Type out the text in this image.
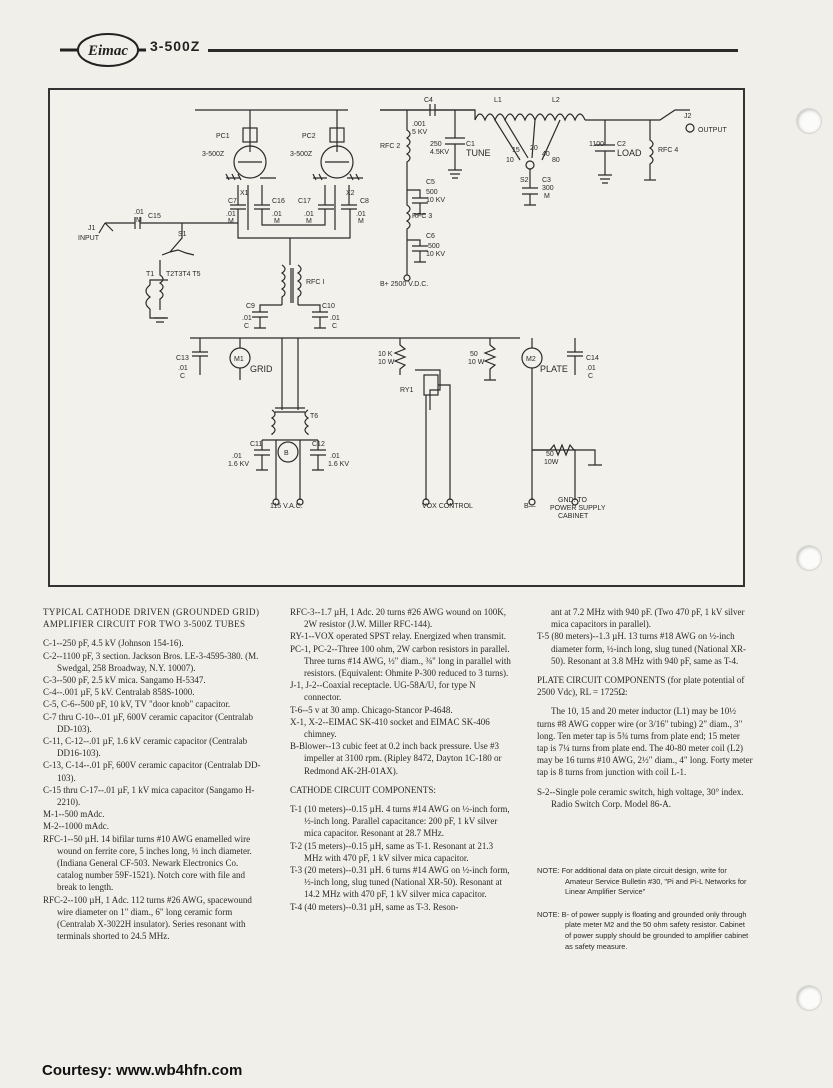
Eimac 3-500Z
PC1	PC2
3-500Z	3-500Z
X1	X2
C4
.001
5 KV
L1	L2
J2
OUTPUT
RFC 2	250
4.5KV
C1
TUNE
1100 C2
LOAD RFC 4
15
10
20
40
80
S2 C3
300
M
C5
500
10 KV
RFC 3
C6
500
10 KV
B+ 2500 V.D.C.
J1
INPUT
.01
M
C15
S1
T1 T2T3T4 T5
C7
.01
M
C16
.01
M
C17
.01
M
C8
.01
M
RFC I
C9
.01
C
C10
.01
C
C13
.01
C
M1
GRID
10 K
10 W
RY1
50
10 W	M2
PLATE
C14
.01
C
T6
C11
.01
1.6 KV
C12
.01
1.6 KV
B
115 V.A.C.	VOX CONTROL
50
10W
B—
GND. TO
POWER SUPPLY
CABINET

TYPICAL CATHODE DRIVEN (GROUNDED GRID) AMPLIFIER CIRCUIT FOR TWO 3-500Z TUBES

C-1--250 pF, 4.5 kV (Johnson 154-16).

C-2--1100 pF, 3 section. Jackson Bros. LE-3-4595-380. (M. Swedgal, 258 Broadway, N.Y. 10007).

C-3--500 pF, 2.5 kV mica. Sangamo H-5347.

C-4--.001 µF, 5 kV. Centralab 858S-1000.

C-5, C-6--500 pF, 10 kV, TV "door knob" capacitor.

C-7 thru C-10--.01 µF, 600V ceramic capacitor (Centralab DD-103).

C-11, C-12--.01 µF, 1.6 kV ceramic capacitor (Centralab DD16-103).

C-13, C-14--.01 pF, 600V ceramic capacitor (Centralab DD-103).

C-15 thru C-17--.01 µF, 1 kV mica capacitor (Sangamo H-2210).

M-1--500 mAdc.

M-2--1000 mAdc.

RFC-1--50 µH. 14 bifilar turns #10 AWG enamelled wire wound on ferrite core, 5 inches long, ½ inch diameter. (Indiana General CF-503. Newark Electronics Co. catalog number 59F-1521). Notch core with file and break to length.

RFC-2--100 µH, 1 Adc. 112 turns #26 AWG, spacewound wire diameter on 1" diam., 6" long ceramic form (Centralab X-3022H insulator). Series resonant with terminals shorted to 24.5 MHz.

RFC-3--1.7 µH, 1 Adc. 20 turns #26 AWG wound on 100K, 2W resistor (J.W. Miller RFC-144).

RY-1--VOX operated SPST relay. Energized when transmit.

PC-1, PC-2--Three 100 ohm, 2W carbon resistors in parallel. Three turns #14 AWG, ½" diam., ⅜" long in parallel with resistors. (Equivalent: Ohmite P-300 reduced to 3 turns).

J-1, J-2--Coaxial receptacle. UG-58A/U, for type N connector.

T-6--5 v at 30 amp. Chicago-Stancor P-4648.

X-1, X-2--EIMAC SK-410 socket and EIMAC SK-406 chimney.

B-Blower--13 cubic feet at 0.2 inch back pressure. Use #3 impeller at 3100 rpm. (Ripley 8472, Dayton 1C-180 or Redmond AK-2H-01AX).

CATHODE CIRCUIT COMPONENTS:

T-1 (10 meters)--0.15 µH. 4 turns #14 AWG on ½-inch form, ½-inch long. Parallel capacitance: 200 pF, 1 kV silver mica capacitor. Resonant at 28.7 MHz.

T-2 (15 meters)--0.15 µH, same as T-1. Resonant at 21.3 MHz with 470 pF, 1 kV silver mica capacitor.

T-3 (20 meters)--0.31 µH. 6 turns #14 AWG on ½-inch form, ½-inch long, slug tuned (National XR-50). Resonant at 14.2 MHz with 470 pF, 1 kV silver mica capacitor.

T-4 (40 meters)--0.31 µH, same as T-3. Reson-

ant at 7.2 MHz with 940 pF. (Two 470 pF, 1 kV silver mica capacitors in parallel).

T-5 (80 meters)--1.3 µH. 13 turns #18 AWG on ½-inch diameter form, ½-inch long, slug tuned (National XR-50). Resonant at 3.8 MHz with 940 pF, same as T-4.

PLATE CIRCUIT COMPONENTS (for plate potential of 2500 Vdc), RL = 1725Ω:

The 10, 15 and 20 meter inductor (L1) may be 10½ turns #8 AWG copper wire (or 3/16" tubing) 2" diam., 3" long. Ten meter tap is 5¾ turns from plate end; 15 meter tap is 7¼ turns from plate end. The 40-80 meter coil (L2) may be 16 turns #10 AWG, 2½" diam., 4" long. Forty meter tap is 8 turns from junction with coil L-1.

S-2--Single pole ceramic switch, high voltage, 30° index. Radio Switch Corp. Model 86-A.

NOTE: For additional data on plate circuit design, write for Amateur Service Bulletin #30, "Pi and Pi-L Networks for Linear Amplifier Service"

NOTE: B- of power supply is floating and grounded only through plate meter M2 and the 50 ohm safety resistor. Cabinet of power supply should be grounded to amplifier cabinet as safety measure.

Courtesy: www.wb4hfn.com
